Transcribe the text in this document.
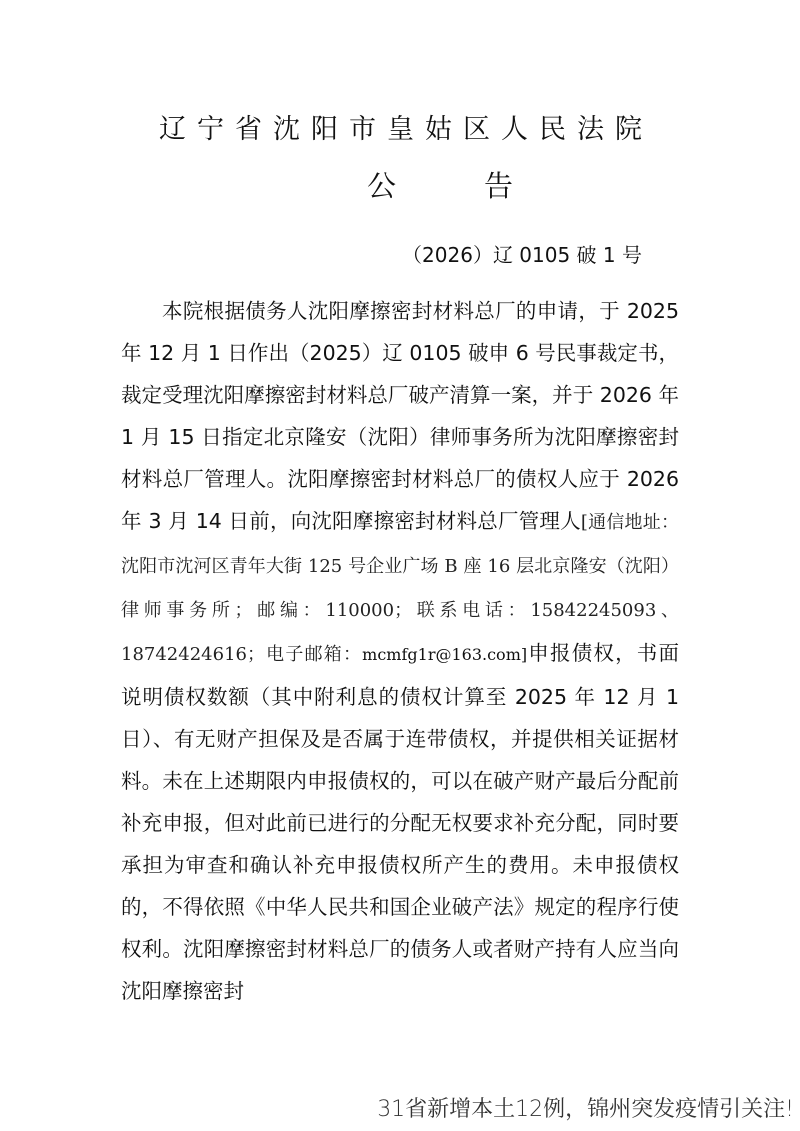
辽宁省沈阳市皇姑区人民法院
公告
（2026）辽 0105 破 1 号

本院根据债务人沈阳摩擦密封材料总厂的申请，于 2025 年 12 月 1 日作出（2025）辽 0105 破申 6 号民事裁定书，裁定受理沈阳摩擦密封材料总厂破产清算一案，并于 2026 年 1 月 15 日指定北京隆安（沈阳）律师事务所为沈阳摩擦密封材料总厂管理人。沈阳摩擦密封材料总厂的债权人应于 2026 年 3 月 14 日前，向沈阳摩擦密封材料总厂管理人[通信地址：沈阳市沈河区青年大街 125 号企业广场 B 座 16 层北京隆安（沈阳）律师事务所；邮编：110000；联系电话：15842245093、18742424616；电子邮箱：mcmfg1r@163.com]申报债权，书面说明债权数额（其中附利息的债权计算至 2025 年 12 月 1 日）、有无财产担保及是否属于连带债权，并提供相关证据材料。未在上述期限内申报债权的，可以在破产财产最后分配前补充申报，但对此前已进行的分配无权要求补充分配，同时要承担为审查和确认补充申报债权所产生的费用。未申报债权的，不得依照《中华人民共和国企业破产法》规定的程序行使权利。沈阳摩擦密封材料总厂的债务人或者财产持有人应当向沈阳摩擦密封

31省新增本土12例，锦州突发疫情引关注!
